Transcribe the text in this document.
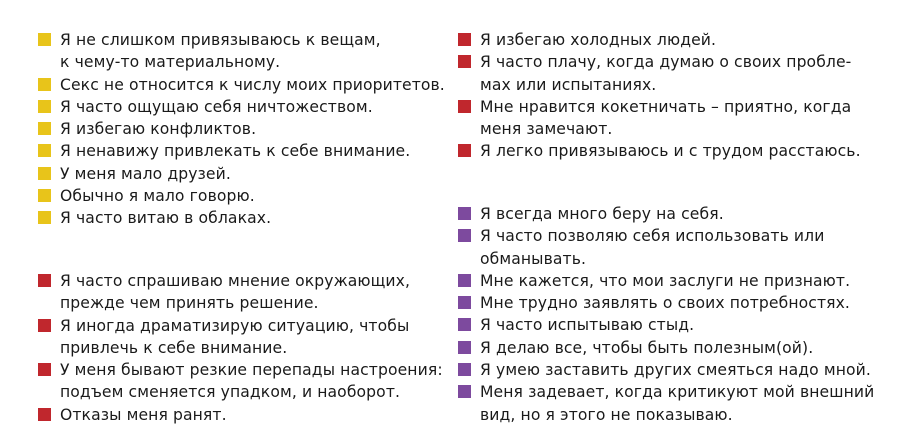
Я не слишком привязываюсь к вещам,
к чему-то материальному.
Секс не относится к числу моих приоритетов.
Я часто ощущаю себя ничтожеством.
Я избегаю конфликтов.
Я ненавижу привлекать к себе внимание.
У меня мало друзей.
Обычно я мало говорю.
Я часто витаю в облаках.
Я часто спрашиваю мнение окружающих,
прежде чем принять решение.
Я иногда драматизирую ситуацию, чтобы
привлечь к себе внимание.
У меня бывают резкие перепады настроения:
подъем сменяется упадком, и наоборот.
Отказы меня ранят.
Я избегаю холодных людей.
Я часто плачу, когда думаю о своих пробле-
мах или испытаниях.
Мне нравится кокетничать – приятно, когда
меня замечают.
Я легко привязываюсь и с трудом расстаюсь.
Я всегда много беру на себя.
Я часто позволяю себя использовать или
обманывать.
Мне кажется, что мои заслуги не признают.
Мне трудно заявлять о своих потребностях.
Я часто испытываю стыд.
Я делаю все, чтобы быть полезным(ой).
Я умею заставить других смеяться надо мной.
Меня задевает, когда критикуют мой внешний
вид, но я этого не показываю.
